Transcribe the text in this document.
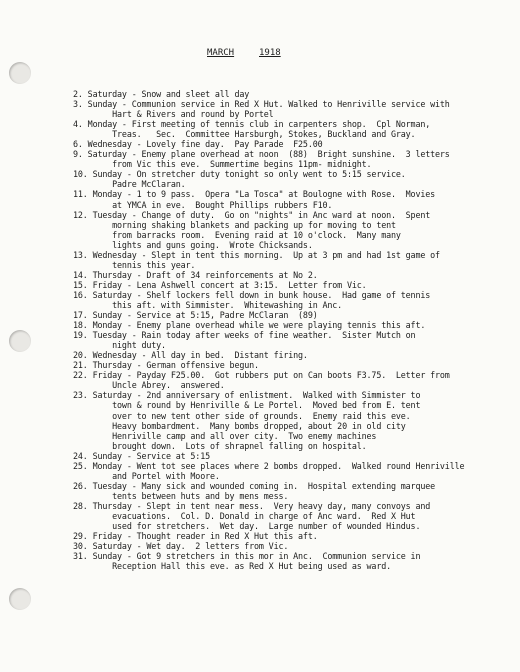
MARCH	1918
2. Saturday - Snow and sleet all day
3. Sunday - Communion service in Red X Hut. Walked to Henriville service with
Hart & Rivers and round by Portel
4. Monday - First meeting of tennis club in carpenters shop.  Cpl Norman,
Treas.   Sec.  Committee Harsburgh, Stokes, Buckland and Gray.
6. Wednesday - Lovely fine day.  Pay Parade  F25.00
9. Saturday - Enemy plane overhead at noon  (88)  Bright sunshine.  3 letters
from Vic this eve.  Summertime begins 11pm- midnight.
10. Sunday - On stretcher duty tonight so only went to 5:15 service.
Padre McClaran.
11. Monday - 1 to 9 pass.  Opera "La Tosca" at Boulogne with Rose.  Movies
at YMCA in eve.  Bought Phillips rubbers F10.
12. Tuesday - Change of duty.  Go on "nights" in Anc ward at noon.  Spent
morning shaking blankets and packing up for moving to tent
from barracks room.  Evening raid at 10 o'clock.  Many many
lights and guns going.  Wrote Chicksands.
13. Wednesday - Slept in tent this morning.  Up at 3 pm and had 1st game of
tennis this year.
14. Thursday - Draft of 34 reinforcements at No 2.
15. Friday - Lena Ashwell concert at 3:15.  Letter from Vic.
16. Saturday - Shelf lockers fell down in bunk house.  Had game of tennis
this aft. with Simmister.  Whitewashing in Anc.
17. Sunday - Service at 5:15, Padre McClaran  (89)
18. Monday - Enemy plane overhead while we were playing tennis this aft.
19. Tuesday - Rain today after weeks of fine weather.  Sister Mutch on
night duty.
20. Wednesday - All day in bed.  Distant firing.
21. Thursday - German offensive begun.
22. Friday - Payday F25.00.  Got rubbers put on Can boots F3.75.  Letter from
Uncle Abrey.  answered.
23. Saturday - 2nd anniversary of enlistment.  Walked with Simmister to
town & round by Henriville & Le Portel.  Moved bed from E. tent
over to new tent other side of grounds.  Enemy raid this eve.
Heavy bombardment.  Many bombs dropped, about 20 in old city
Henriville camp and all over city.  Two enemy machines
brought down.  Lots of shrapnel falling on hospital.
24. Sunday - Service at 5:15
25. Monday - Went tot see places where 2 bombs dropped.  Walked round Henriville
and Portel with Moore.
26. Tuesday - Many sick and wounded coming in.  Hospital extending marquee
tents between huts and by mens mess.
28. Thursday - Slept in tent near mess.  Very heavy day, many convoys and
evacuations.  Col. D. Donald in charge of Anc ward.  Red X Hut
used for stretchers.  Wet day.  Large number of wounded Hindus.
29. Friday - Thought reader in Red X Hut this aft.
30. Saturday - Wet day.  2 letters from Vic.
31. Sunday - Got 9 stretchers in this mor in Anc.  Communion service in
Reception Hall this eve. as Red X Hut being used as ward.
